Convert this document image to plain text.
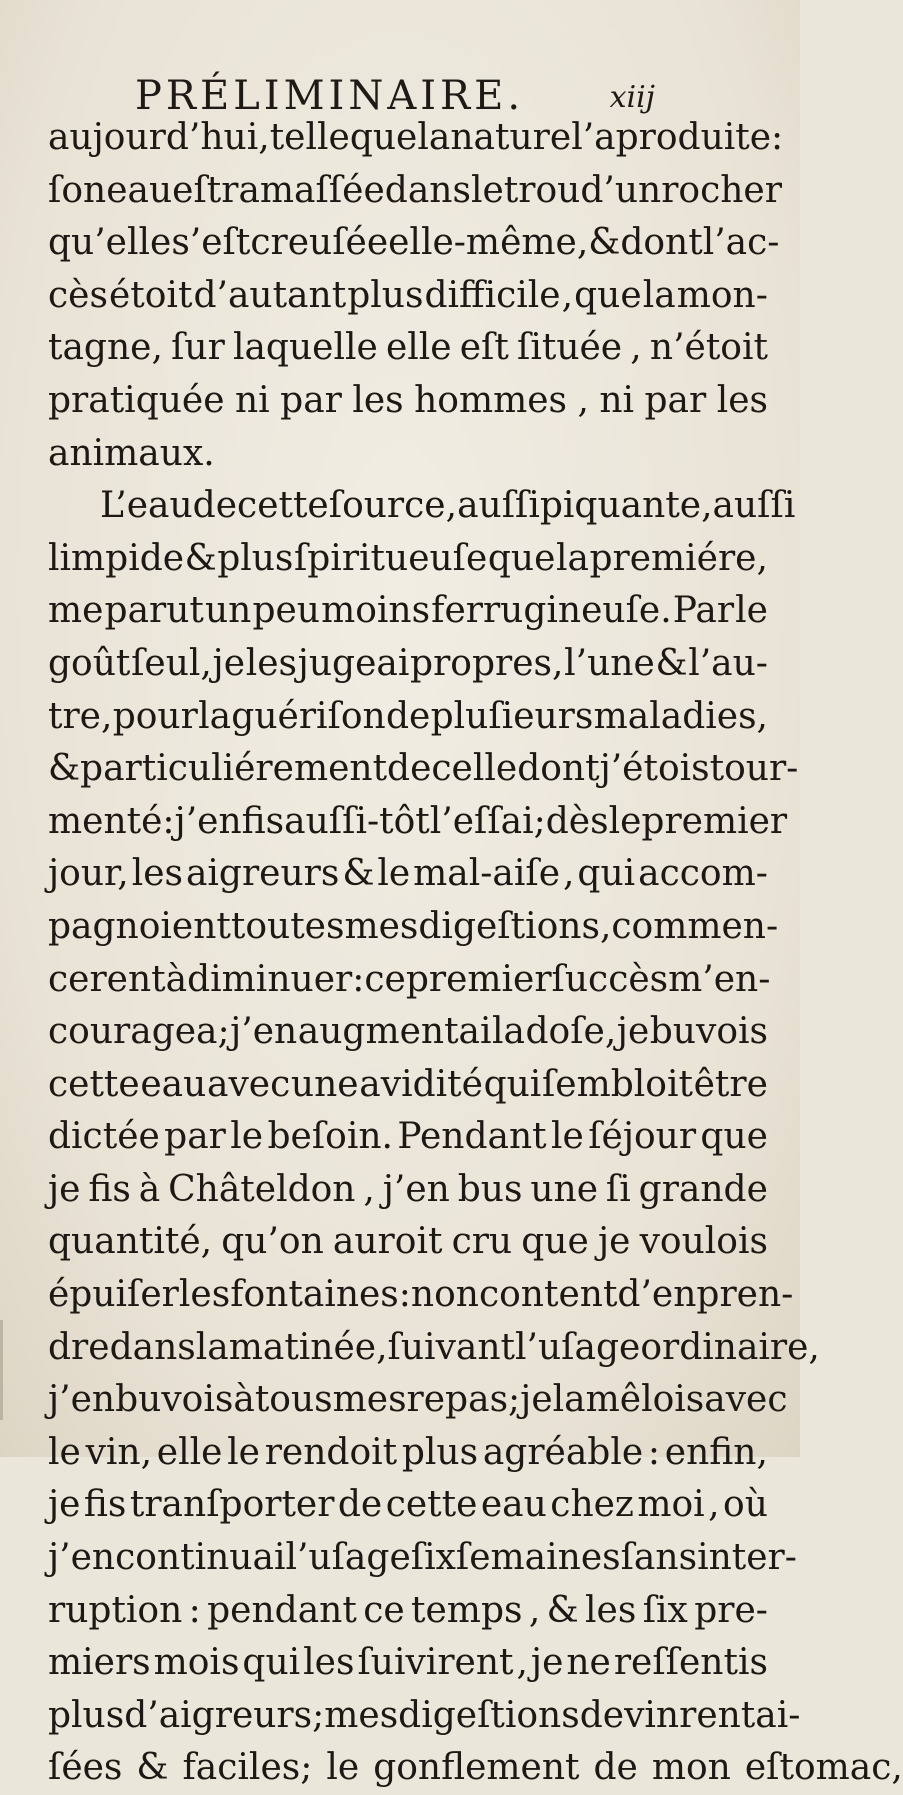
PRÉLIMINAIRE.	xiij
aujourd’hui , telle que la nature l’a produite:
ſon eau eſt ramaſſée dans le trou d’un rocher
qu’elle s’eſt creuſée elle-même , & dont l’ac-
cès étoit d’autant plus difficile , que la mon-
tagne, ſur laquelle elle eſt ſituée , n’étoit
pratiquée ni par les hommes , ni par les
animaux.
L’eau de cette ſource, auſſi piquante, auſſi
limpide & plus ſpiritueuſe que la premiére,
me parut un peu moins ferrugineuſe. Par le
goût ſeul, je les jugeai propres, l’une & l’au-
tre, pour la guériſon de pluſieurs maladies,
& particuliérement de celle dont j’étois tour-
menté : j’en fis auſſi-tôt l’eſſai; dès le premier
jour, les aigreurs & le mal-aiſe , qui accom-
pagnoient toutes mes digeſtions , commen-
cerent à diminuer : ce premier ſuccès m’en-
couragea; j’en augmentai la doſe, je buvois
cette eau avec une avidité qui ſembloit être
dictée par le beſoin. Pendant le ſéjour que
je fis à Châteldon , j’en bus une ſi grande
quantité, qu’on auroit cru que je voulois
épuiſer les fontaines : non content d’en pren-
dre dans la matinée, ſuivant l’uſage ordinaire,
j’en buvois à tous mes repas; je la mêlois avec
le vin, elle le rendoit plus agréable : enfin,
je fis tranſporter de cette eau chez moi , où
j’en continuai l’uſage ſix ſemaines ſans inter-
ruption : pendant ce temps , & les ſix pre-
miers mois qui les ſuivirent , je ne reſſentis
plus d’aigreurs; mes digeſtions devinrent ai-
ſées & faciles; le gonflement de mon eſtomac,
